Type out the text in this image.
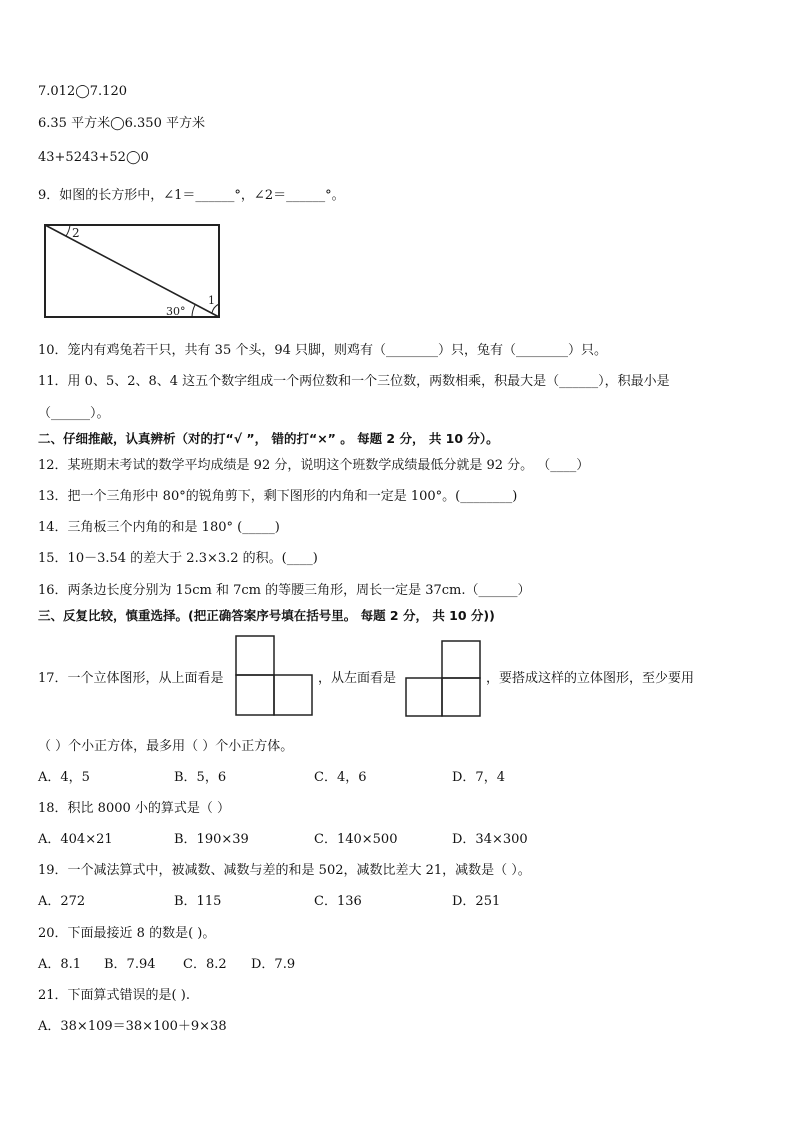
7.012◯7.120
6.35 平方米◯6.350 平方米
43+5243+52◯0
9．如图的长方形中，∠1＝______°，∠2＝______°。
2
30°
1
10．笼内有鸡兔若干只，共有 35 个头，94 只脚，则鸡有（________）只，兔有（________）只。
11．用 0、5、2、8、4 这五个数字组成一个两位数和一个三位数，两数相乘，积最大是（______），积最小是
（______）。
二、仔细推敲，认真辨析（对的打“√ ”， 错的打“×” 。 每题 2 分， 共 10 分）。
12．某班期末考试的数学平均成绩是 92 分，说明这个班数学成绩最低分就是 92 分。 （____）
13．把一个三角形中 80°的锐角剪下，剩下图形的内角和一定是 100°。(________)
14．三角板三个内角的和是 180° (_____)
15．10－3.54 的差大于 2.3×3.2 的积。(____)
16．两条边长度分别为 15cm 和 7cm 的等腰三角形，周长一定是 37cm.（______）
三、反复比较，慎重选择。(把正确答案序号填在括号里。 每题 2 分， 共 10 分))
17．一个立体图形，从上面看是	，从左面看是	，要搭成这样的立体图形，至少要用
（ ）个小正方体，最多用（ ）个小正方体。
A．4，5	B．5，6	C．4，6	D．7，4
18．积比 8000 小的算式是（ ）
A．404×21	B．190×39	C．140×500	D．34×300
19．一个减法算式中，被减数、减数与差的和是 502，减数比差大 21，减数是（ ）。
A．272	B．115	C．136	D．251
20．下面最接近 8 的数是( )。
A．8.1 B．7.94 C．8.2 D．7.9
21．下面算式错误的是( ).
A．38×109＝38×100＋9×38
